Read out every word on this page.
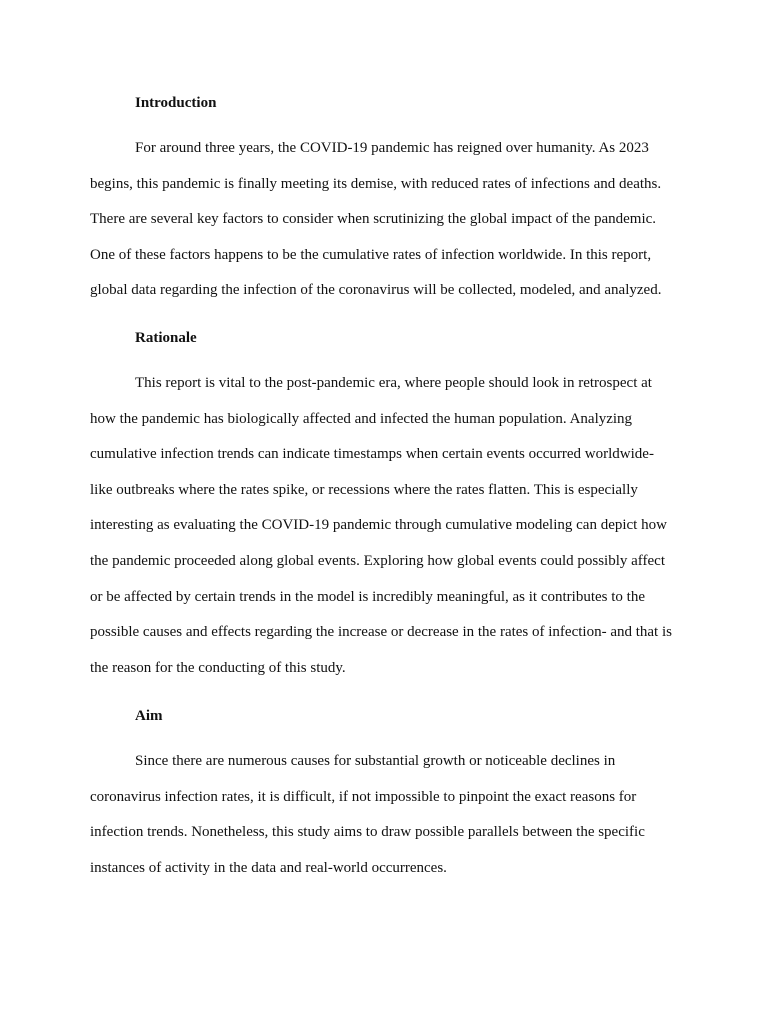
Introduction
For around three years, the COVID-19 pandemic has reigned over humanity. As 2023
begins, this pandemic is finally meeting its demise, with reduced rates of infections and deaths.
There are several key factors to consider when scrutinizing the global impact of the pandemic.
One of these factors happens to be the cumulative rates of infection worldwide. In this report,
global data regarding the infection of the coronavirus will be collected, modeled, and analyzed.
Rationale
This report is vital to the post-pandemic era, where people should look in retrospect at
how the pandemic has biologically affected and infected the human population. Analyzing
cumulative infection trends can indicate timestamps when certain events occurred worldwide-
like outbreaks where the rates spike, or recessions where the rates flatten. This is especially
interesting as evaluating the COVID-19 pandemic through cumulative modeling can depict how
the pandemic proceeded along global events. Exploring how global events could possibly affect
or be affected by certain trends in the model is incredibly meaningful, as it contributes to the
possible causes and effects regarding the increase or decrease in the rates of infection- and that is
the reason for the conducting of this study.
Aim
Since there are numerous causes for substantial growth or noticeable declines in
coronavirus infection rates, it is difficult, if not impossible to pinpoint the exact reasons for
infection trends. Nonetheless, this study aims to draw possible parallels between the specific
instances of activity in the data and real-world occurrences.
